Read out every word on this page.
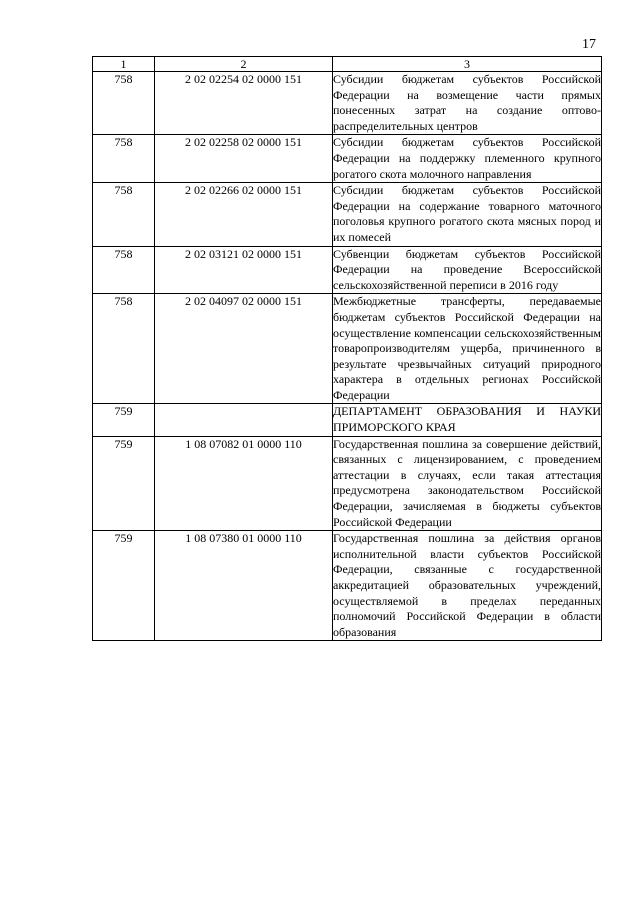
17
1	2	3
758	2 02 02254 02 0000 151	Субсидии бюджетам субъектов Российской Федерации на возмещение части прямых понесенных затрат на создание оптово-распределительных центров
758	2 02 02258 02 0000 151	Субсидии бюджетам субъектов Российской Федерации на поддержку племенного крупного рогатого скота молочного направления
758	2 02 02266 02 0000 151	Субсидии бюджетам субъектов Российской Федерации на содержание товарного маточного поголовья крупного рогатого скота мясных пород и их помесей
758	2 02 03121 02 0000 151	Субвенции бюджетам субъектов Российской Федерации на проведение Всероссийской сельскохозяйственной переписи в 2016 году
758	2 02 04097 02 0000 151	Межбюджетные трансферты, передаваемые бюджетам субъектов Российской Федерации на осуществление компенсации сельскохозяйственным товаропроизводителям ущерба, причиненного в результате чрезвычайных ситуаций природного характера в отдельных регионах Российской Федерации
759		ДЕПАРТАМЕНТ ОБРАЗОВАНИЯ И НАУКИ ПРИМОРСКОГО КРАЯ
759	1 08 07082 01 0000 110	Государственная пошлина за совершение действий, связанных с лицензированием, с проведением аттестации в случаях, если такая аттестация предусмотрена законодательством Российской Федерации, зачисляемая в бюджеты субъектов Российской Федерации
759	1 08 07380 01 0000 110	Государственная пошлина за действия органов исполнительной власти субъектов Российской Федерации, связанные с государственной аккредитацией образовательных учреждений, осуществляемой в пределах переданных полномочий Российской Федерации в области образования
